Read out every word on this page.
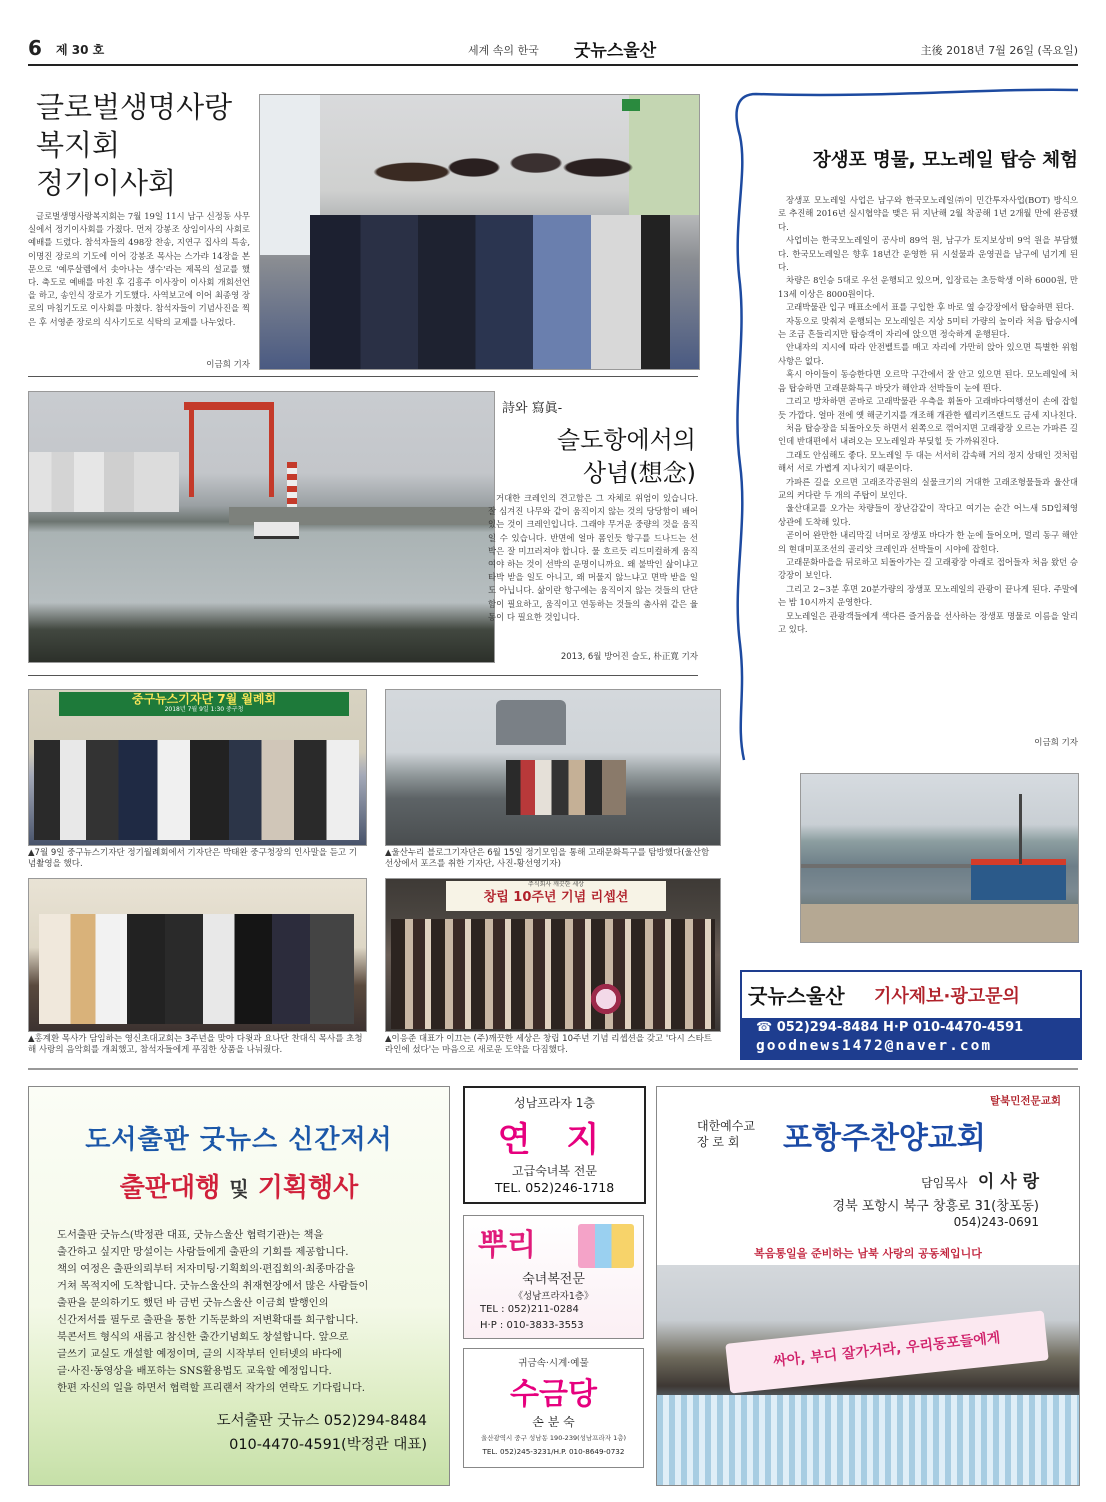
6 제 30 호	세계 속의 한국 굿뉴스울산	主後 2018년 7월 26일 (목요일)
글로벌생명사랑
복지회
정기이사회

글로벌생명사랑복지회는 7월 19일 11시 남구 신정동 사무실에서 정기이사회를 가졌다. 먼저 강봉조 상임이사의 사회로 예배를 드렸다. 참석자들의 498장 찬송, 지연구 집사의 특송, 이명진 장로의 기도에 이어 강봉조 목사는 스가랴 14장을 본문으로 '예루살렘에서 솟아나는 생수'라는 제목의 설교를 했다. 축도로 예배를 마친 후 김흥주 이사장이 이사회 개회선언을 하고, 송인식 장로가 기도했다. 사역보고에 이어 최종영 장로의 마침기도로 이사회를 마쳤다. 참석자들이 기념사진을 찍은 후 서영준 장로의 식사기도로 식탁의 교제를 나누었다.

이금희 기자
詩와 寫眞-
슬도항에서의
상념(想念)

거대한 크레인의 견고함은 그 자체로 위엄이 있습니다. 잘 심겨진 나무와 같이 움직이지 않는 것의 당당함이 배어있는 것이 크레인입니다. 그래야 무거운 중량의 것을 움직일 수 있습니다. 반면에 얼마 폼인듯 항구를 드나드는 선박은 잘 미끄러져야 합니다. 물 흐르듯 리드미컬하게 움직여야 하는 것이 선박의 운명이니까요. 왜 불박인 삶이냐고 타박 받을 일도 아니고, 왜 머물지 않느냐고 면박 받을 일도 아닙니다. 삶이란 항구에는 움직이지 않는 것들의 단단함이 필요하고, 움직이고 연동하는 것들의 춤사위 같은 율동이 다 필요한 것입니다.

2013, 6월 방어진 슬도, 朴正寬 기자
장생포 명물, 모노레일 탑승 체험

장생포 모노레일 사업은 남구와 한국모노레일㈜이 민간투자사업(BOT) 방식으로 추진해 2016년 실시협약을 맺은 뒤 지난해 2월 착공해 1년 2개월 만에 완공됐다.

사업비는 한국모노레일이 공사비 89억 원, 남구가 토지보상비 9억 원을 부담했다. 한국모노레일은 향후 18년간 운영한 뒤 시설물과 운영권을 남구에 넘기게 된다.

차량은 8인승 5대로 우선 운행되고 있으며, 입장료는 초등학생 이하 6000원, 만 13세 이상은 8000원이다.

고래박물관 입구 매표소에서 표를 구입한 후 바로 옆 승강장에서 탑승하면 된다.

자동으로 맞춰져 운행되는 모노레일은 지상 5미터 가량의 높이라 처음 탑승시에는 조금 흔들리지만 탑승객이 자리에 앉으면 정숙하게 운행된다.

안내자의 지시에 따라 안전벨트를 매고 자리에 가만히 앉아 있으면 특별한 위험사항은 없다.

혹시 아이들이 동승한다면 오르막 구간에서 잘 안고 있으면 된다. 모노레일에 처음 탑승하면 고래문화특구 바닷가 해안과 선박들이 눈에 띈다.

그리고 방차하면 곧바로 고래박물관 우측을 휘돌아 고래바다여행선이 손에 잡힐 듯 가깝다. 얼마 전에 옛 해군기지를 개조해 개관한 웰리키즈랜드도 금세 지나친다.

처음 탑승장을 되돌아오듯 하면서 왼쪽으로 꺾어지면 고래광장 오르는 가파른 길인데 반대편에서 내려오는 모노레일과 부딪힐 듯 가까워진다.

그래도 안심해도 좋다. 모노레일 두 대는 서서히 감속해 거의 정지 상태인 것처럼 해서 서로 가볍게 지나치기 때문이다.

가파른 길을 오르면 고래조각공원의 실물크기의 거대한 고래조형물들과 울산대교의 커다란 두 개의 주탑이 보인다.

울산대교를 오가는 차량들이 장난감같이 작다고 여기는 순간 어느새 5D입체영상관에 도착해 있다.

곧이어 완만한 내리막길 너머로 장생포 바다가 한 눈에 들어오며, 멀리 동구 해안의 현대미포조선의 골리앗 크레인과 선박들이 시야에 잡힌다.

고래문화마을을 뒤로하고 되돌아가는 길 고래광장 아래로 접어들자 처음 왔던 승강장이 보인다.

그리고 2~3분 후면 20분가량의 장생포 모노레일의 관광이 끝나게 된다. 주말에는 밤 10시까지 운영한다.

모노레일은 관광객들에게 색다른 즐거움을 선사하는 장생포 명물로 이름을 알리고 있다.

이금희 기자
중구뉴스기자단 7월 월례회
2018년 7월 9일 1:30 중구청
▲7월 9일 중구뉴스기자단 정기월례회에서 기자단은 박태완 중구청장의 인사말을 듣고 기념촬영을 했다.
▲울산누리 블로그기자단은 6월 15일 정기모임을 통해 고래문화특구를 탐방했다(울산함 선상에서 포즈를 취한 기자단, 사진-황선영기자)
▲홍계환 목사가 담임하는 영신초대교회는 3주년을 맞아 다윗과 요나단 찬대식 목사를 초청해 사랑의 음악회를 개최했고, 참석자들에게 푸짐한 상품을 나눠줬다.
주식회사 깨끗한 세상
창립 10주년 기념 리셉션
▲이응준 대표가 이끄는 (주)깨끗한 세상은 창립 10주년 기념 리셉션을 갖고 '다시 스타트라인에 섰다'는 마음으로 새로운 도약을 다짐했다.
굿뉴스울산 기사제보·광고문의
☎ 052)294-8484 H·P 010-4470-4591
goodnews1472@naver.com
도서출판 굿뉴스 신간저서
출판대행 및 기획행사
도서출판 굿뉴스(박정관 대표, 굿뉴스울산 협력기관)는 책을
출간하고 싶지만 망설이는 사람들에게 출판의 기회를 제공합니다.
책의 여정은 출판의뢰부터 저자미팅·기획회의·편집회의·최종마감을
거쳐 목적지에 도착합니다. 굿뉴스울산의 취재현장에서 많은 사람들이
출판을 문의하기도 했던 바 금번 굿뉴스울산 이금희 발행인의
신간저서를 필두로 출판을 통한 기독문화의 저변확대를 희구합니다.
북콘서트 형식의 새롭고 참신한 출간기념회도 창설합니다. 앞으로
글쓰기 교실도 개설할 예정이며, 글의 시작부터 인터넷의 바다에
글·사진·동영상을 배포하는 SNS활용법도 교육할 예정입니다.
한편 자신의 일을 하면서 협력할 프리랜서 작가의 연락도 기다립니다.
도서출판 굿뉴스 052)294-8484
010-4470-4591(박정관 대표)
성남프라자 1층
연 지
고급숙녀복 전문
TEL. 052)246-1718
뿌리
숙녀복전문
《성남프라자1층》
TEL : 052)211-0284
H·P : 010-3833-3553
귀금속·시계·예물
수금당
손 분 숙
울산광역시 중구 성남동 190-239(성남프라자 1층)
TEL. 052)245-3231/H.P. 010-8649-0732
탈북민전문교회
대한예수교
장 로 회 포항주찬양교회
담임목사 이 사 랑
경북 포항시 북구 창흥로 31(창포동)
054)243-0691
복음통일을 준비하는 남북 사랑의 공동체입니다
싸아, 부디 잘가거라, 우리동포들에게
